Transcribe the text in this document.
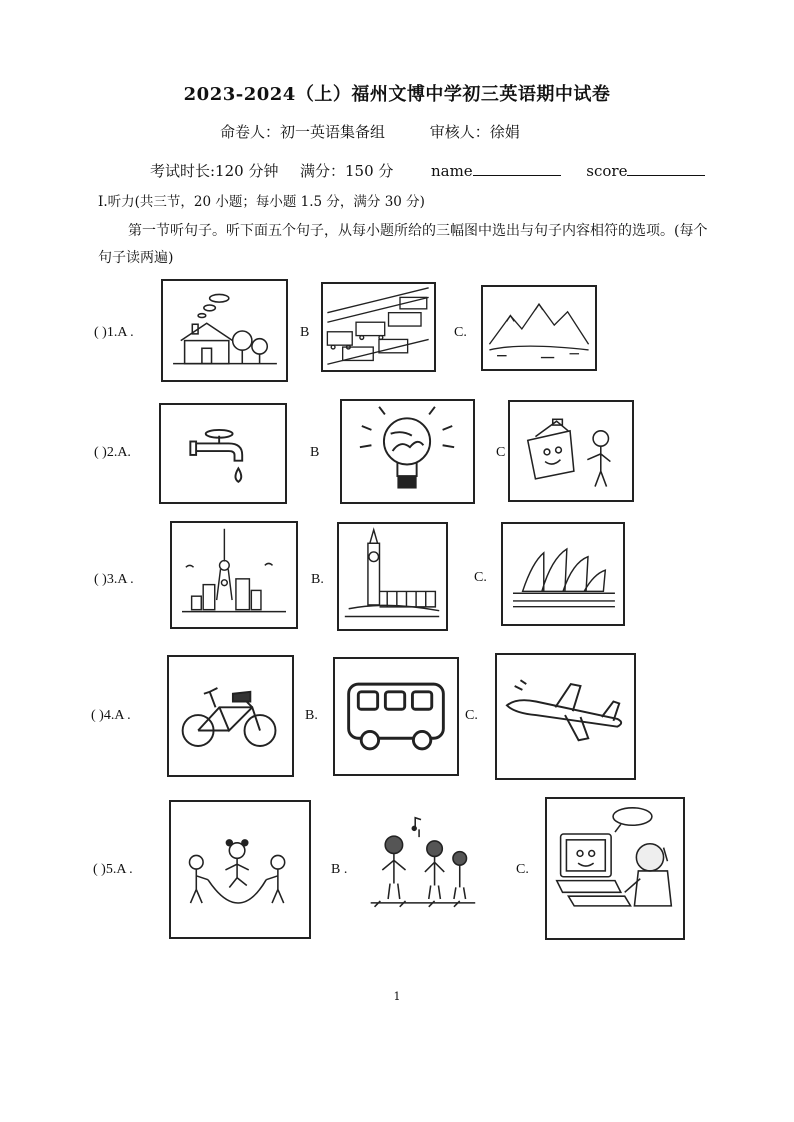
2023-2024（上）福州文博中学初三英语期中试卷
命卷人：初一英语集备组	审核人：徐娟
考试时长:120 分钟 满分：150 分	name	score
Ⅰ.听力(共三节，20 小题；每小题 1.5 分，满分 30 分)
第一节听句子。听下面五个句子，从每小题所给的三幅图中选出与句子内容相符的选项。(每个句子读两遍)
( )1.A .	B	C.
( )2.A.	B	C
( )3.A .	B.	C.
( )4.A .	B.	C.
( )5.A .	B .	C.
1
